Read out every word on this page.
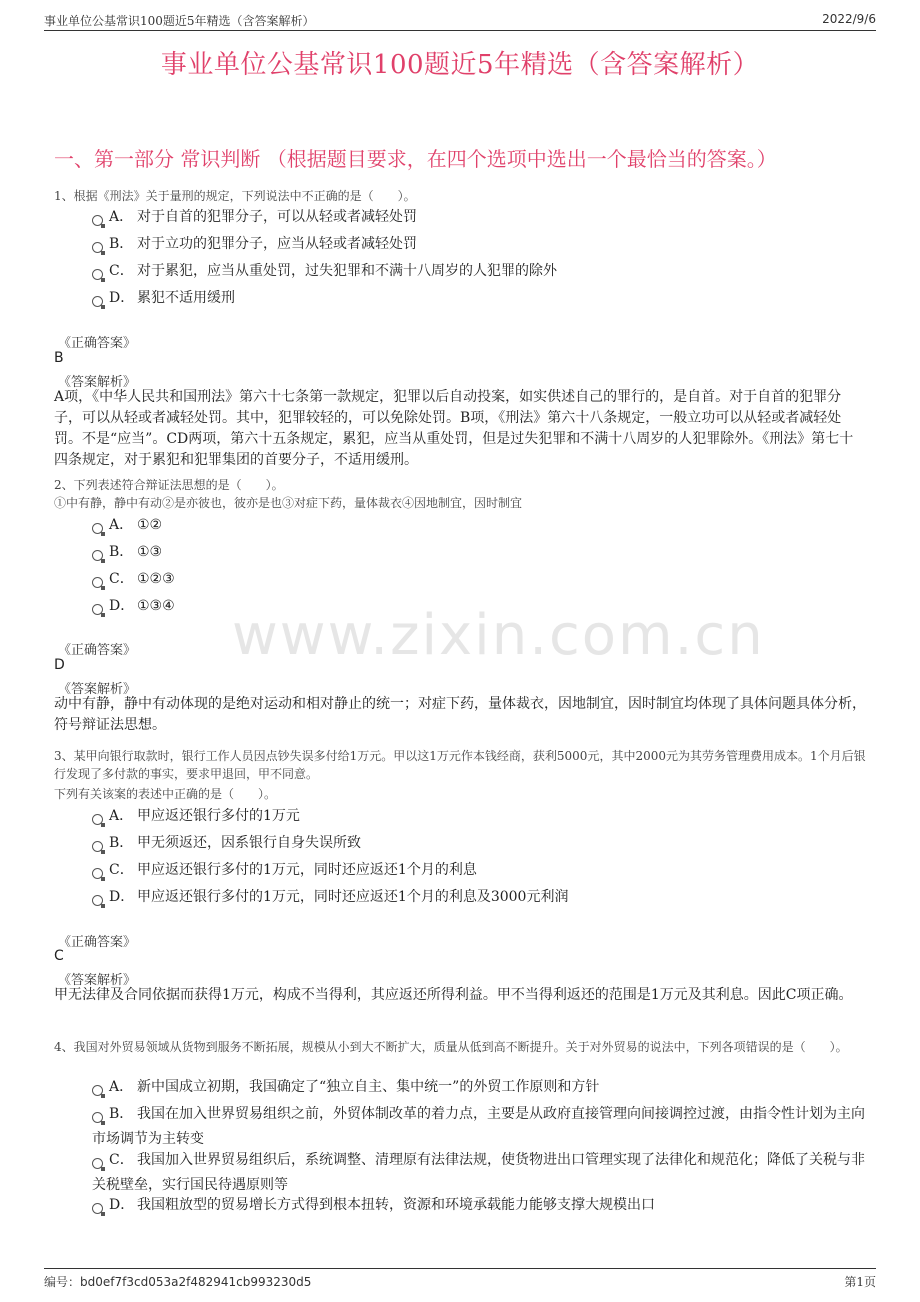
事业单位公基常识100题近5年精选（含答案解析）	2022/9/6
事业单位公基常识100题近5年精选（含答案解析）
一、第一部分 常识判断 （根据题目要求，在四个选项中选出一个最恰当的答案。）
www.zixin.com.cn
1、根据《刑法》关于量刑的规定，下列说法中不正确的是（　　）。
A． 对于自首的犯罪分子，可以从轻或者减轻处罚
B． 对于立功的犯罪分子，应当从轻或者减轻处罚
C． 对于累犯，应当从重处罚，过失犯罪和不满十八周岁的人犯罪的除外
D． 累犯不适用缓刑
《正确答案》
B
《答案解析》
A项，《中华人民共和国刑法》第六十七条第一款规定，犯罪以后自动投案，如实供述自己的罪行的，是自首。对于自首的犯罪分子，可以从轻或者减轻处罚。其中，犯罪较轻的，可以免除处罚。B项，《刑法》第六十八条规定，一般立功可以从轻或者减轻处罚。不是“应当”。CD两项，第六十五条规定，累犯，应当从重处罚，但是过失犯罪和不满十八周岁的人犯罪除外。《刑法》第七十四条规定，对于累犯和犯罪集团的首要分子，不适用缓刑。
2、下列表述符合辩证法思想的是（　　）。
①中有静，静中有动②是亦彼也，彼亦是也③对症下药，量体裁衣④因地制宜，因时制宜
A． ①②
B． ①③
C． ①②③
D． ①③④
《正确答案》
D
《答案解析》
动中有静，静中有动体现的是绝对运动和相对静止的统一；对症下药，量体裁衣，因地制宜，因时制宜均体现了具体问题具体分析，符号辩证法思想。
3、某甲向银行取款时，银行工作人员因点钞失误多付给1万元。甲以这1万元作本钱经商，获利5000元，其中2000元为其劳务管理费用成本。1个月后银行发现了多付款的事实，要求甲退回，甲不同意。
下列有关该案的表述中正确的是（　　）。
A． 甲应返还银行多付的1万元
B． 甲无须返还，因系银行自身失误所致
C． 甲应返还银行多付的1万元，同时还应返还1个月的利息
D． 甲应返还银行多付的1万元，同时还应返还1个月的利息及3000元利润
《正确答案》
C
《答案解析》
甲无法律及合同依据而获得1万元，构成不当得利，其应返还所得利益。甲不当得利返还的范围是1万元及其利息。因此C项正确。
4、我国对外贸易领域从货物到服务不断拓展，规模从小到大不断扩大，质量从低到高不断提升。关于对外贸易的说法中，下列各项错误的是（　　）。
A． 新中国成立初期，我国确定了“独立自主、集中统一”的外贸工作原则和方针
B． 我国在加入世界贸易组织之前，外贸体制改革的着力点，主要是从政府直接管理向间接调控过渡，由指令性计划为主向市场调节为主转变
C． 我国加入世界贸易组织后，系统调整、清理原有法律法规，使货物进出口管理实现了法律化和规范化；降低了关税与非关税壁垒，实行国民待遇原则等
D． 我国粗放型的贸易增长方式得到根本扭转，资源和环境承载能力能够支撑大规模出口
编号：bd0ef7f3cd053a2f482941cb993230d5	第1页
